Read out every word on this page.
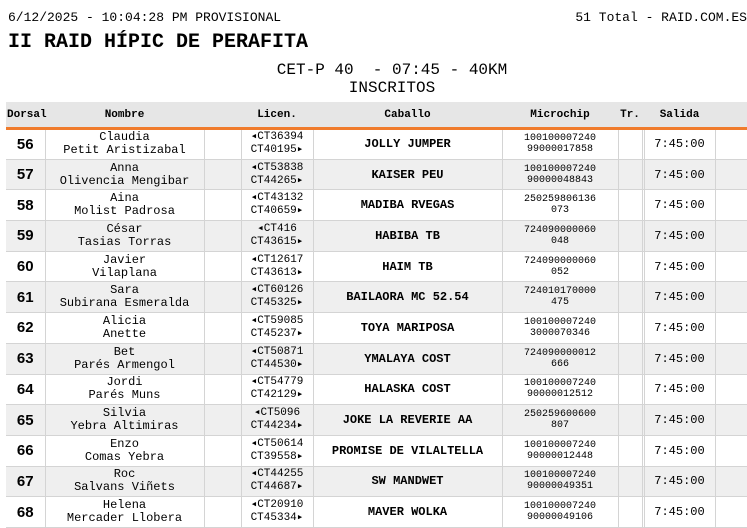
6/12/2025 - 10:04:28 PM PROVISIONAL	51 Total - RAID.COM.ES
II RAID HÍPIC DE PERAFITA
CET-P 40  - 07:45 - 40KM
INSCRITOS
Dorsal	Nombre		Licen.	Caballo	Microchip	Tr.		Salida	
56	Claudia
Petit Aristizabal		◂CT36394
CT40195▸	JOLLY JUMPER	100100007240
99000017858			7:45:00	
57	Anna
Olivencia Mengibar		◂CT53838
CT44265▸	KAISER PEU	100100007240
90000048843			7:45:00	
58	Aina
Molist Padrosa		◂CT43132
CT40659▸	MADIBA RVEGAS	250259806136
073			7:45:00	
59	César
Tasias Torras		◂CT416
CT43615▸	HABIBA TB	724090000060
048			7:45:00	
60	Javier
Vilaplana		◂CT12617
CT43613▸	HAIM TB	724090000060
052			7:45:00	
61	Sara
Subirana Esmeralda		◂CT60126
CT45325▸	BAILAORA MC 52.54	724010170000
475			7:45:00	
62	Alicia
Anette		◂CT59085
CT45237▸	TOYA MARIPOSA	100100007240
3000070346			7:45:00	
63	Bet
Parés Armengol		◂CT50871
CT44530▸	YMALAYA COST	724090000012
666			7:45:00	
64	Jordi
Parés Muns		◂CT54779
CT42129▸	HALASKA COST	100100007240
90000012512			7:45:00	
65	Silvia
Yebra Altimiras		◂CT5096
CT44234▸	JOKE LA REVERIE AA	250259600600
807			7:45:00	
66	Enzo
Comas Yebra		◂CT50614
CT39558▸	PROMISE DE VILALTELLA	100100007240
90000012448			7:45:00	
67	Roc
Salvans Viñets		◂CT44255
CT44687▸	SW MANDWET	100100007240
90000049351			7:45:00	
68	Helena
Mercader Llobera		◂CT20910
CT45334▸	MAVER WOLKA	100100007240
90000049106			7:45:00	
